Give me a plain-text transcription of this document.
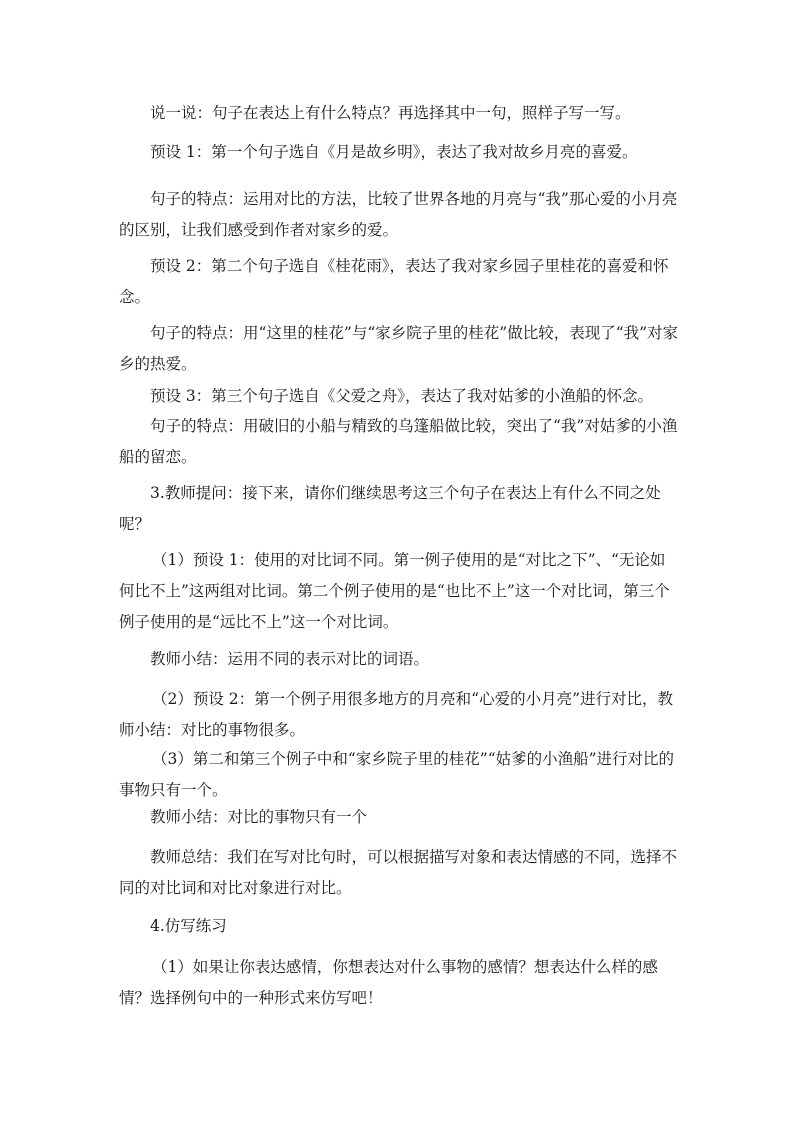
说一说：句子在表达上有什么特点？再选择其中一句，照样子写一写。

预设 1：第一个句子选自《月是故乡明》，表达了我对故乡月亮的喜爱。

句子的特点：运用对比的方法，比较了世界各地的月亮与“我”那心爱的小月亮的区别，让我们感受到作者对家乡的爱。

预设 2：第二个句子选自《桂花雨》，表达了我对家乡园子里桂花的喜爱和怀念。

句子的特点：用“这里的桂花”与“家乡院子里的桂花”做比较，表现了“我”对家乡的热爱。

预设 3：第三个句子选自《父爱之舟》，表达了我对姑爹的小渔船的怀念。

句子的特点：用破旧的小船与精致的乌篷船做比较，突出了“我”对姑爹的小渔船的留恋。

3.教师提问：接下来，请你们继续思考这三个句子在表达上有什么不同之处呢？

（1）预设 1：使用的对比词不同。第一例子使用的是“对比之下”、“无论如何比不上”这两组对比词。第二个例子使用的是“也比不上”这一个对比词，第三个例子使用的是“远比不上”这一个对比词。

教师小结：运用不同的表示对比的词语。

（2）预设 2：第一个例子用很多地方的月亮和“心爱的小月亮”进行对比，教师小结：对比的事物很多。

（3）第二和第三个例子中和“家乡院子里的桂花”“姑爹的小渔船”进行对比的事物只有一个。

教师小结：对比的事物只有一个

教师总结：我们在写对比句时，可以根据描写对象和表达情感的不同，选择不同的对比词和对比对象进行对比。

4.仿写练习

（1）如果让你表达感情，你想表达对什么事物的感情？想表达什么样的感情？选择例句中的一种形式来仿写吧！
